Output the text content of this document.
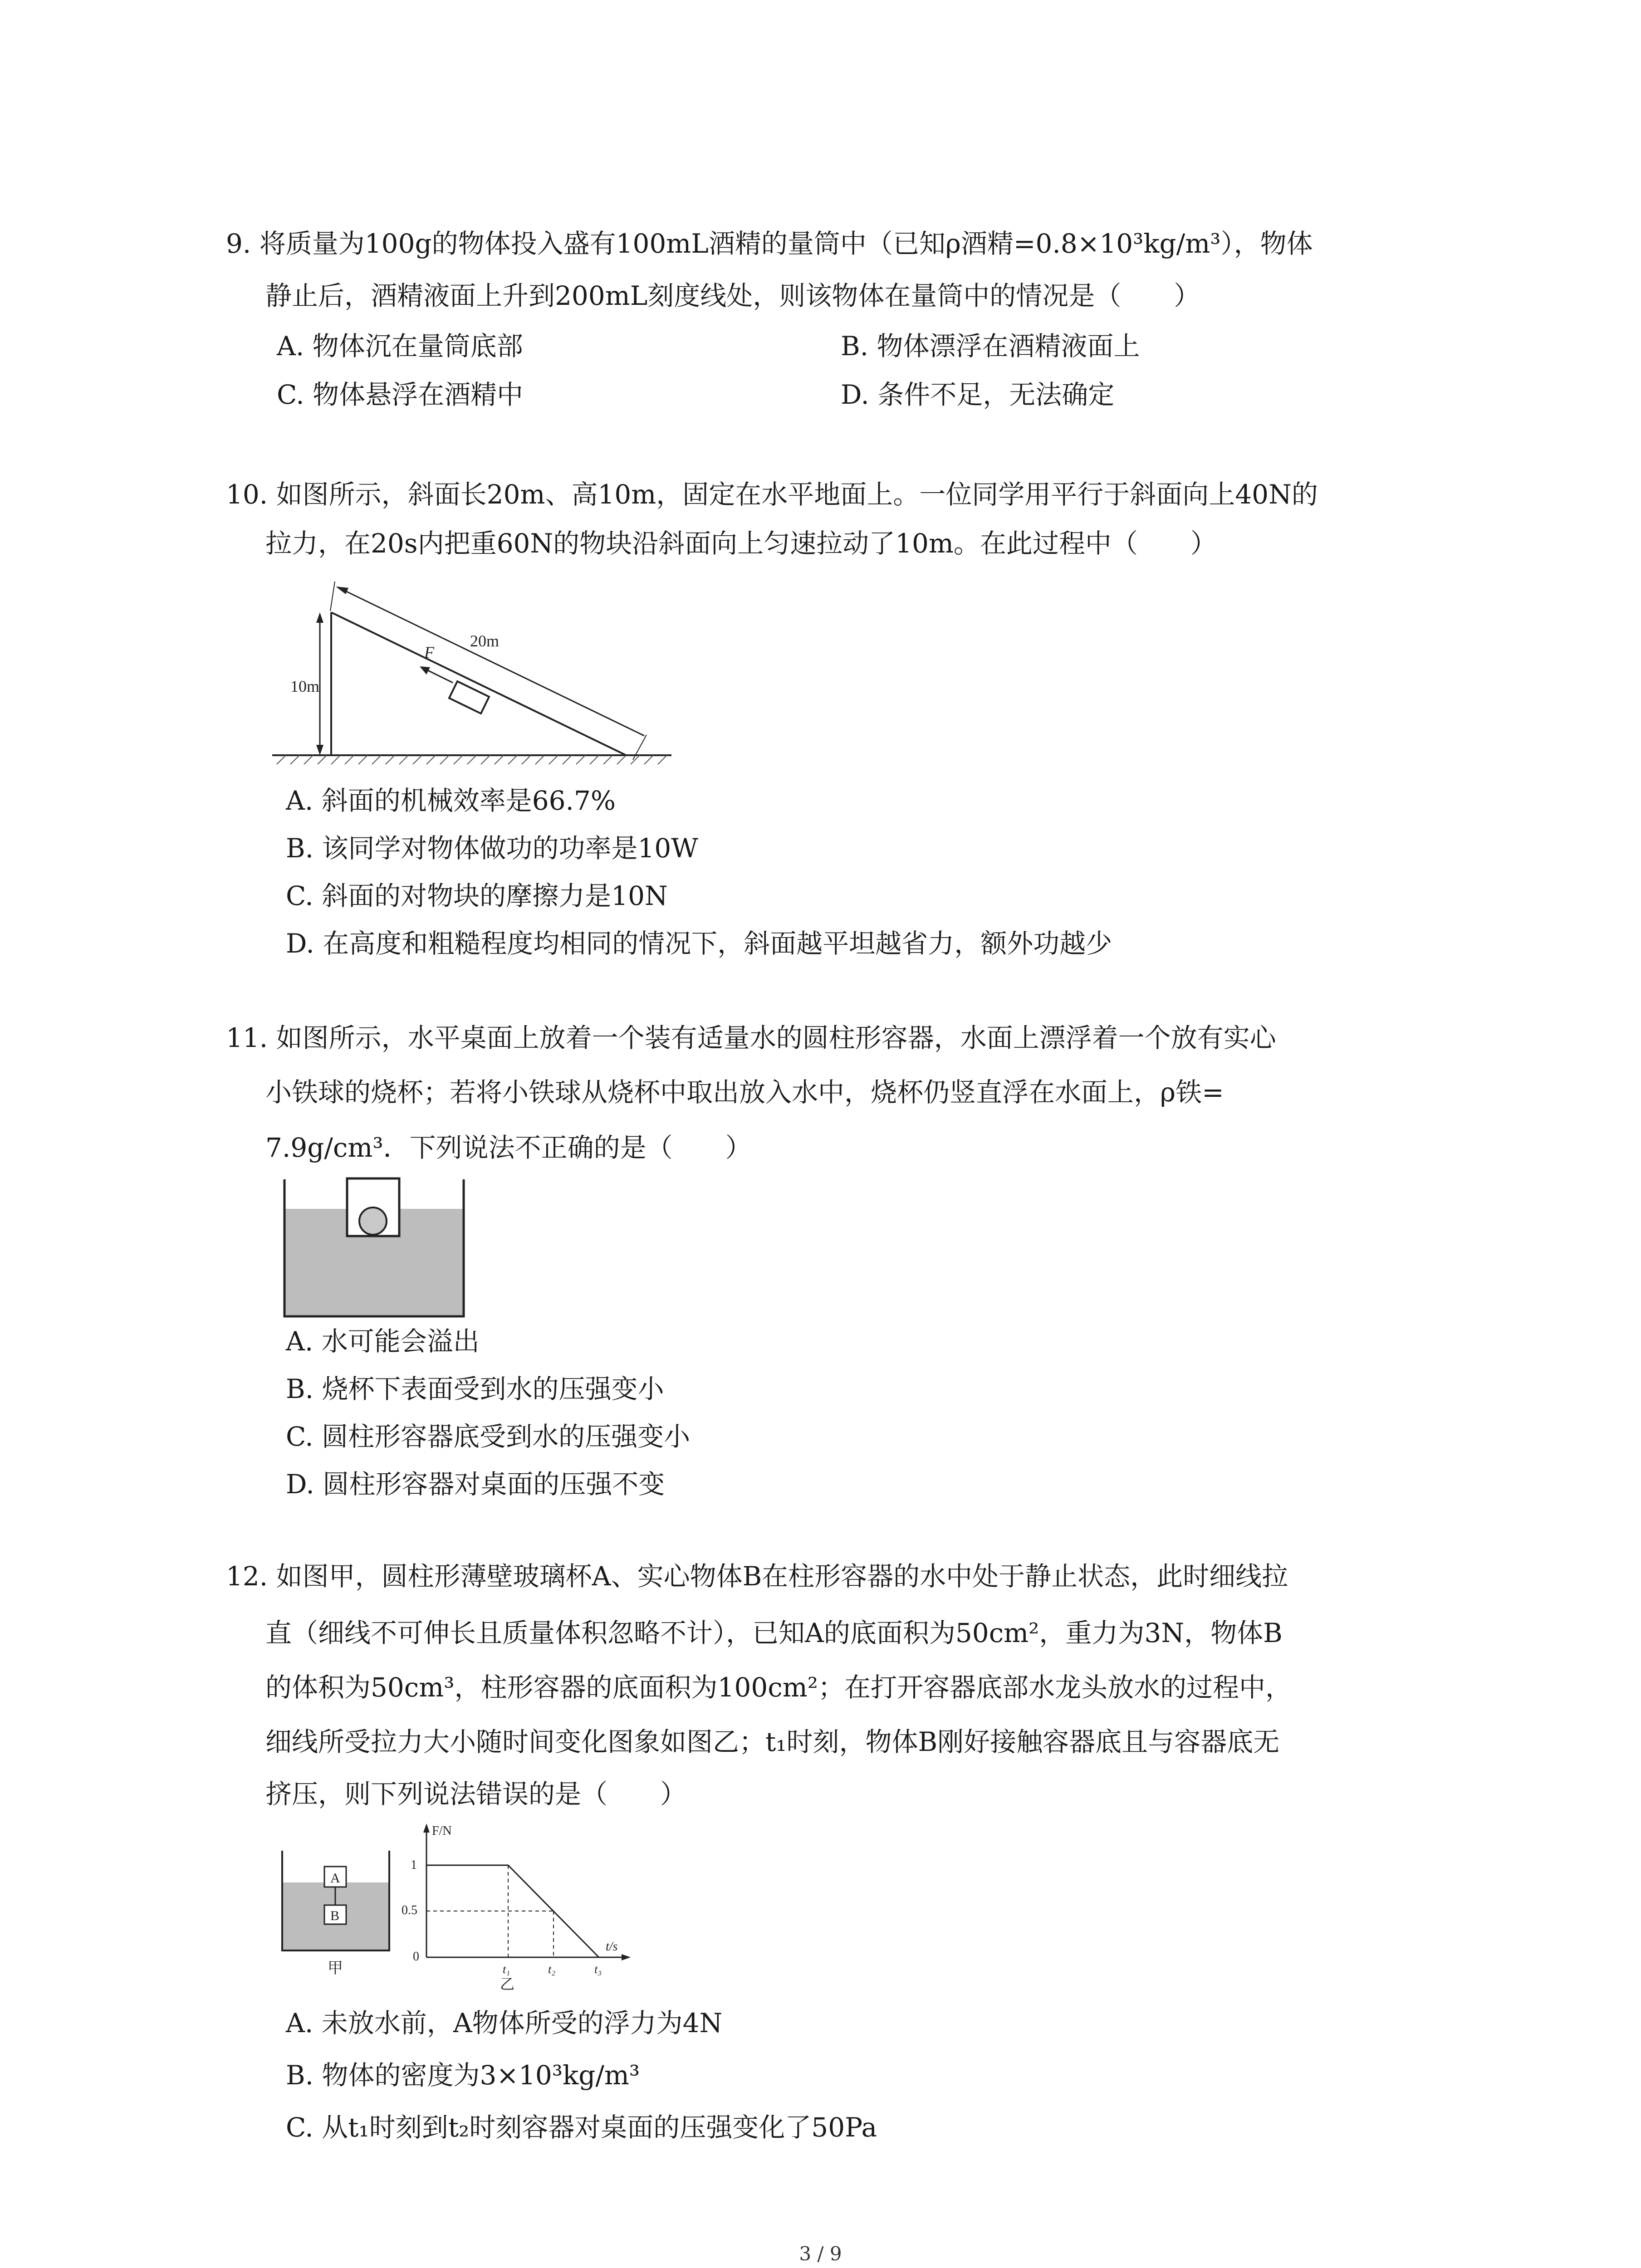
9. 将质量为100g的物体投入盛有100mL酒精的量筒中（已知ρ酒精=0.8×10³kg/m³），物体
静止后，酒精液面上升到200mL刻度线处，则该物体在量筒中的情况是（　　）
A. 物体沉在量筒底部	B. 物体漂浮在酒精液面上
C. 物体悬浮在酒精中	D. 条件不足，无法确定
10. 如图所示，斜面长20m、高10m，固定在水平地面上。一位同学用平行于斜面向上40N的
拉力，在20s内把重60N的物块沿斜面向上匀速拉动了10m。在此过程中（　　）
10m
20m
F
A. 斜面的机械效率是66.7%
B. 该同学对物体做功的功率是10W
C. 斜面的对物块的摩擦力是10N
D. 在高度和粗糙程度均相同的情况下，斜面越平坦越省力，额外功越少
11. 如图所示，水平桌面上放着一个装有适量水的圆柱形容器，水面上漂浮着一个放有实心
小铁球的烧杯；若将小铁球从烧杯中取出放入水中，烧杯仍竖直浮在水面上，ρ铁=
7.9g/cm³．下列说法不正确的是（　　）
A. 水可能会溢出
B. 烧杯下表面受到水的压强变小
C. 圆柱形容器底受到水的压强变小
D. 圆柱形容器对桌面的压强不变
12. 如图甲，圆柱形薄壁玻璃杯A、实心物体B在柱形容器的水中处于静止状态，此时细线拉
直（细线不可伸长且质量体积忽略不计），已知A的底面积为50cm²，重力为3N，物体B
的体积为50cm³，柱形容器的底面积为100cm²；在打开容器底部水龙头放水的过程中，
细线所受拉力大小随时间变化图象如图乙；t₁时刻，物体B刚好接触容器底且与容器底无
挤压，则下列说法错误的是（　　）
A
B
甲
F/N
t/s
1
0.5
0
t₁	t₂	t₃
乙
A. 未放水前，A物体所受的浮力为4N
B. 物体的密度为3×10³kg/m³
C. 从t₁时刻到t₂时刻容器对桌面的压强变化了50Pa
3 / 9
